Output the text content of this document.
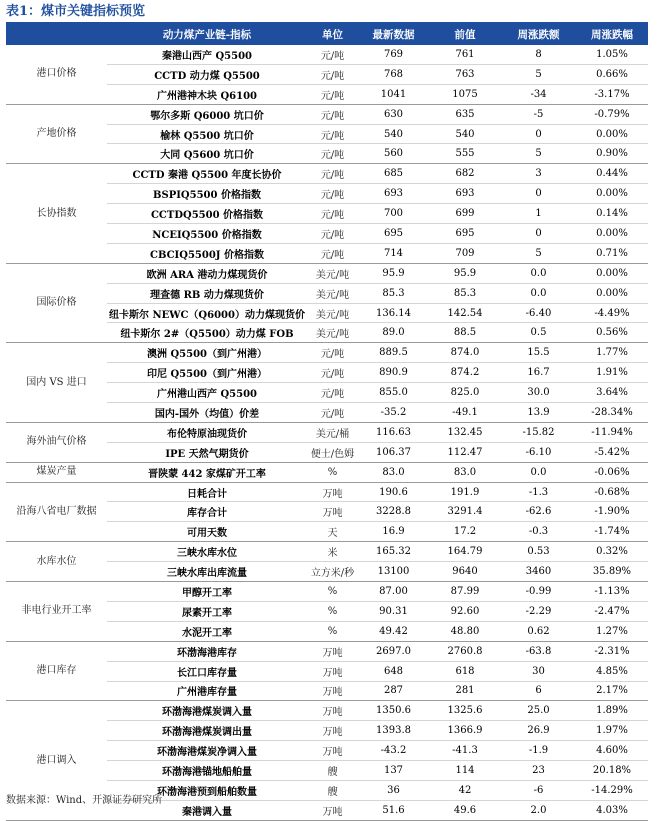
表1：煤市关键指标预览
	动力煤产业链-指标	单位	最新数据	前值	周涨跌额	周涨跌幅
港口价格	秦港山西产 Q5500	元/吨	769	761	8	1.05%
	CCTD 动力煤 Q5500	元/吨	768	763	5	0.66%
	广州港神木块 Q6100	元/吨	1041	1075	-34	-3.17%
产地价格	鄂尔多斯 Q6000 坑口价	元/吨	630	635	-5	-0.79%
	榆林 Q5500 坑口价	元/吨	540	540	0	0.00%
	大同 Q5600 坑口价	元/吨	560	555	5	0.90%
长协指数	CCTD 秦港 Q5500 年度长协价	元/吨	685	682	3	0.44%
	BSPIQ5500 价格指数	元/吨	693	693	0	0.00%
	CCTDQ5500 价格指数	元/吨	700	699	1	0.14%
	NCEIQ5500 价格指数	元/吨	695	695	0	0.00%
	CBCIQ5500J 价格指数	元/吨	714	709	5	0.71%
国际价格	欧洲 ARA 港动力煤现货价	美元/吨	95.9	95.9	0.0	0.00%
	理查德 RB 动力煤现货价	美元/吨	85.3	85.3	0.0	0.00%
	纽卡斯尔 NEWC（Q6000）动力煤现货价	美元/吨	136.14	142.54	-6.40	-4.49%
	纽卡斯尔 2#（Q5500）动力煤 FOB	美元/吨	89.0	88.5	0.5	0.56%
国内 VS 进口	澳洲 Q5500（到广州港）	元/吨	889.5	874.0	15.5	1.77%
	印尼 Q5500（到广州港）	元/吨	890.9	874.2	16.7	1.91%
	广州港山西产 Q5500	元/吨	855.0	825.0	30.0	3.64%
	国内-国外（均值）价差	元/吨	-35.2	-49.1	13.9	-28.34%
海外油气价格	布伦特原油现货价	美元/桶	116.63	132.45	-15.82	-11.94%
	IPE 天然气期货价	便士/色姆	106.37	112.47	-6.10	-5.42%
煤炭产量	晋陕蒙 442 家煤矿开工率	%	83.0	83.0	0.0	-0.06%
沿海八省电厂数据	日耗合计	万吨	190.6	191.9	-1.3	-0.68%
	库存合计	万吨	3228.8	3291.4	-62.6	-1.90%
	可用天数	天	16.9	17.2	-0.3	-1.74%
水库水位	三峡水库水位	米	165.32	164.79	0.53	0.32%
	三峡水库出库流量	立方米/秒	13100	9640	3460	35.89%
非电行业开工率	甲醇开工率	%	87.00	87.99	-0.99	-1.13%
	尿素开工率	%	90.31	92.60	-2.29	-2.47%
	水泥开工率	%	49.42	48.80	0.62	1.27%
港口库存	环渤海港库存	万吨	2697.0	2760.8	-63.8	-2.31%
	长江口库存量	万吨	648	618	30	4.85%
	广州港库存量	万吨	287	281	6	2.17%
港口调入	环渤海港煤炭调入量	万吨	1350.6	1325.6	25.0	1.89%
	环渤海港煤炭调出量	万吨	1393.8	1366.9	26.9	1.97%
	环渤海港煤炭净调入量	万吨	-43.2	-41.3	-1.9	4.60%
	环渤海港锚地船舶量	艘	137	114	23	20.18%
	环渤海港预到船舶数量	艘	36	42	-6	-14.29%
	秦港调入量	万吨	51.6	49.6	2.0	4.03%
数据来源：Wind、开源证券研究所
